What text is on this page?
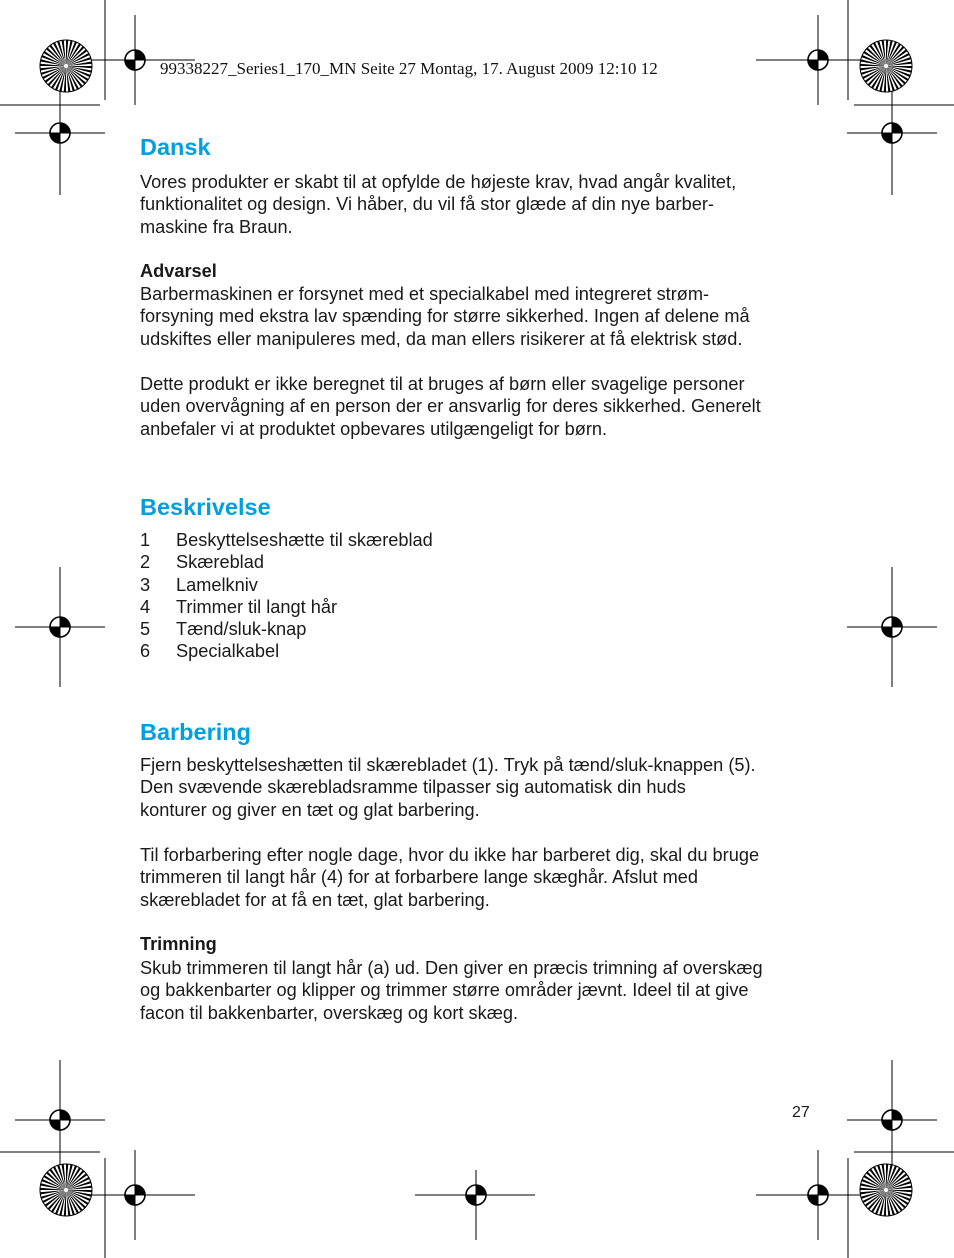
99338227_Series1_170_MN Seite 27 Montag, 17. August 2009 12:10 12
Dansk

Vores produkter er skabt til at opfylde de højeste krav, hvad angår kvalitet,
funktionalitet og design. Vi håber, du vil få stor glæde af din nye barber-
maskine fra Braun.

Advarsel

Barbermaskinen er forsynet med et specialkabel med integreret strøm-
forsyning med ekstra lav spænding for større sikkerhed. Ingen af delene må
udskiftes eller manipuleres med, da man ellers risikerer at få elektrisk stød.

Dette produkt er ikke beregnet til at bruges af børn eller svagelige personer
uden overvågning af en person der er ansvarlig for deres sikkerhed. Generelt
anbefaler vi at produktet opbevares utilgængeligt for børn.

Beskrivelse
1 Beskyttelseshætte til skæreblad
2 Skæreblad
3 Lamelkniv
4 Trimmer til langt hår
5 Tænd/sluk-knap
6 Specialkabel
Barbering

Fjern beskyttelseshætten til skærebladet (1). Tryk på tænd/sluk-knappen (5).
Den svævende skærebladsramme tilpasser sig automatisk din huds
konturer og giver en tæt og glat barbering.

Til forbarbering efter nogle dage, hvor du ikke har barberet dig, skal du bruge
trimmeren til langt hår (4) for at forbarbere lange skæghår. Afslut med
skærebladet for at få en tæt, glat barbering.

Trimning

Skub trimmeren til langt hår (a) ud. Den giver en præcis trimning af overskæg
og bakkenbarter og klipper og trimmer større områder jævnt. Ideel til at give
facon til bakkenbarter, overskæg og kort skæg.

27
